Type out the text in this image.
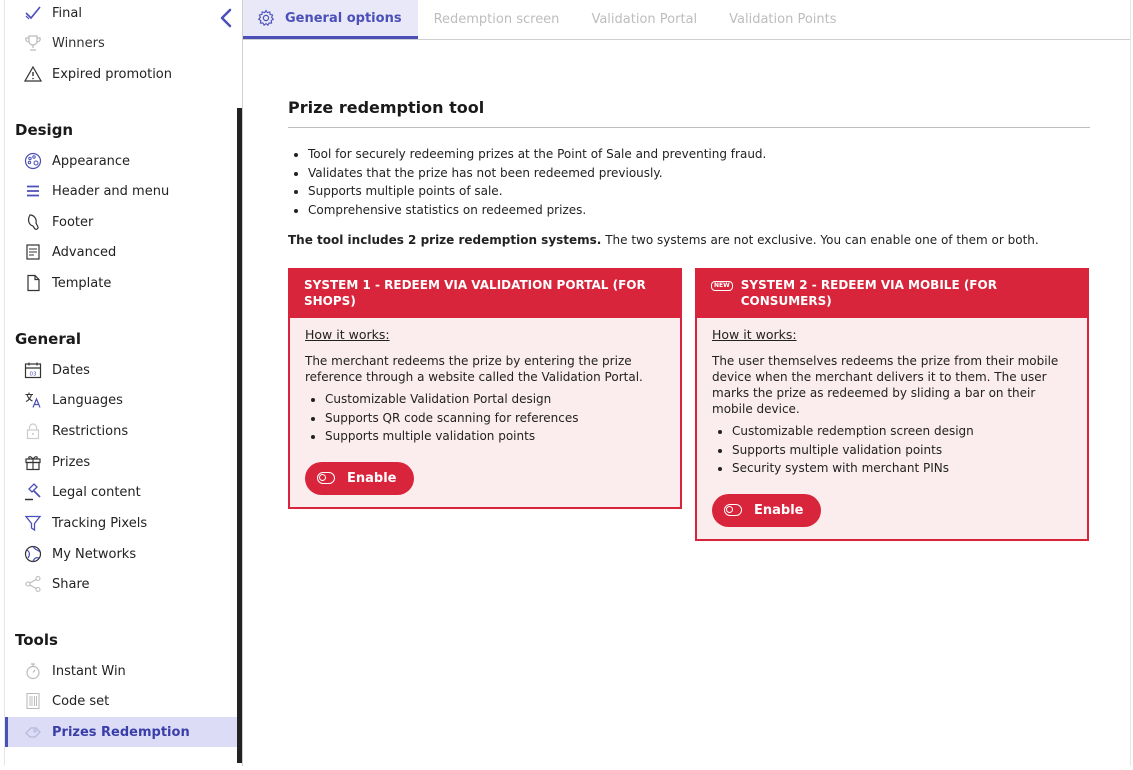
Final
Winners
Expired promotion
Design
Appearance
Header and menu
Footer
Advanced
Template
General
03 Dates
Languages
Restrictions
Prizes
Legal content
Tracking Pixels
My Networks
Share
Tools
Instant Win
Code set
Prizes Redemption
General options Redemption screen Validation Portal Validation Points
Prize redemption tool
• Tool for securely redeeming prizes at the Point of Sale and preventing fraud.
• Validates that the prize has not been redeemed previously.
• Supports multiple points of sale.
• Comprehensive statistics on redeemed prizes.
The tool includes 2 prize redemption systems. The two systems are not exclusive. You can enable one of them or both.
SYSTEM 1 - REDEEM VIA VALIDATION PORTAL (FOR SHOPS)
How it works:
The merchant redeems the prize by entering the prize reference through a website called the Validation Portal.
• Customizable Validation Portal design
• Supports QR code scanning for references
• Supports multiple validation points
Enable
NEW SYSTEM 2 - REDEEM VIA MOBILE (FOR CONSUMERS)
How it works:
The user themselves redeems the prize from their mobile device when the merchant delivers it to them. The user marks the prize as redeemed by sliding a bar on their mobile device.
• Customizable redemption screen design
• Supports multiple validation points
• Security system with merchant PINs
Enable
